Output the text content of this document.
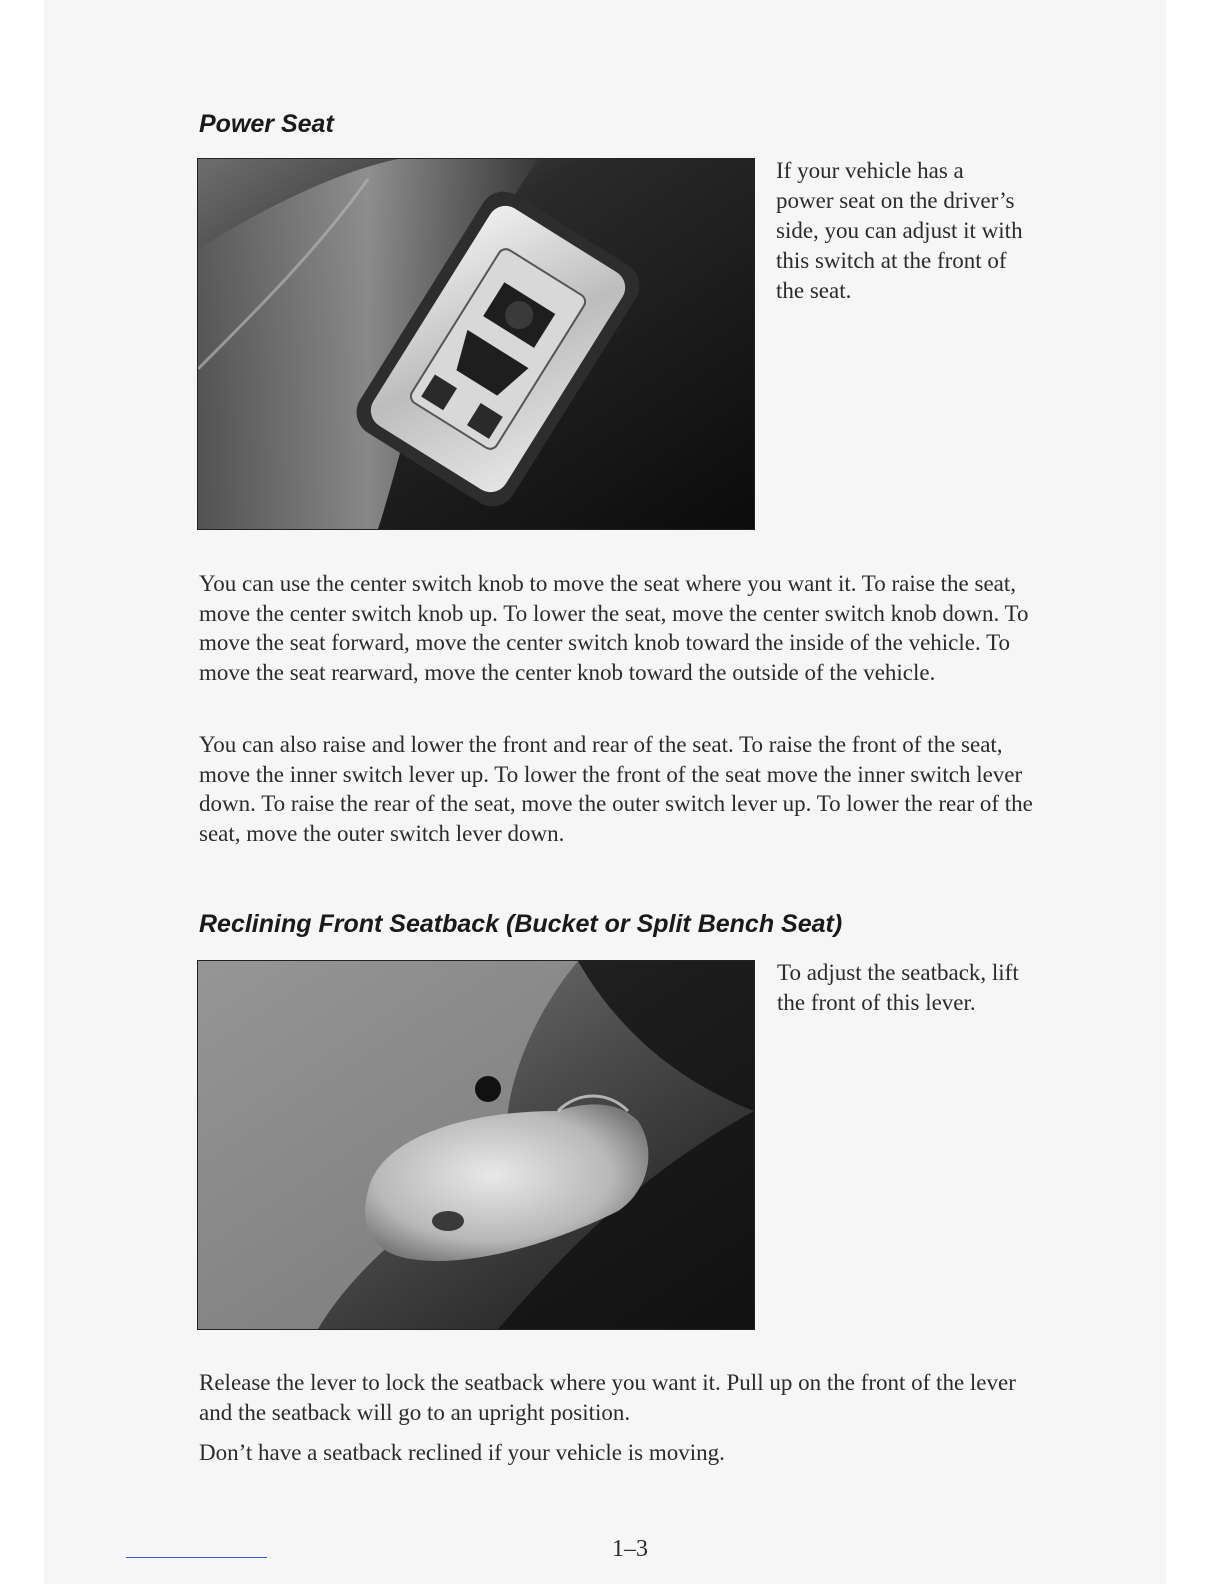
Power Seat

If your vehicle has a power seat on the driver’s side, you can adjust it with this switch at the front of the seat.

You can use the center switch knob to move the seat where you want it. To raise the seat, move the center switch knob up. To lower the seat, move the center switch knob down. To move the seat forward, move the center switch knob toward the inside of the vehicle. To move the seat rearward, move the center knob toward the outside of the vehicle.

You can also raise and lower the front and rear of the seat. To raise the front of the seat, move the inner switch lever up. To lower the front of the seat move the inner switch lever down. To raise the rear of the seat, move the outer switch lever up. To lower the rear of the seat, move the outer switch lever down.

Reclining Front Seatback (Bucket or Split Bench Seat)

To adjust the seatback, lift the front of this lever.

Release the lever to lock the seatback where you want it. Pull up on the front of the lever and the seatback will go to an upright position.

Don’t have a seatback reclined if your vehicle is moving.

1–3
